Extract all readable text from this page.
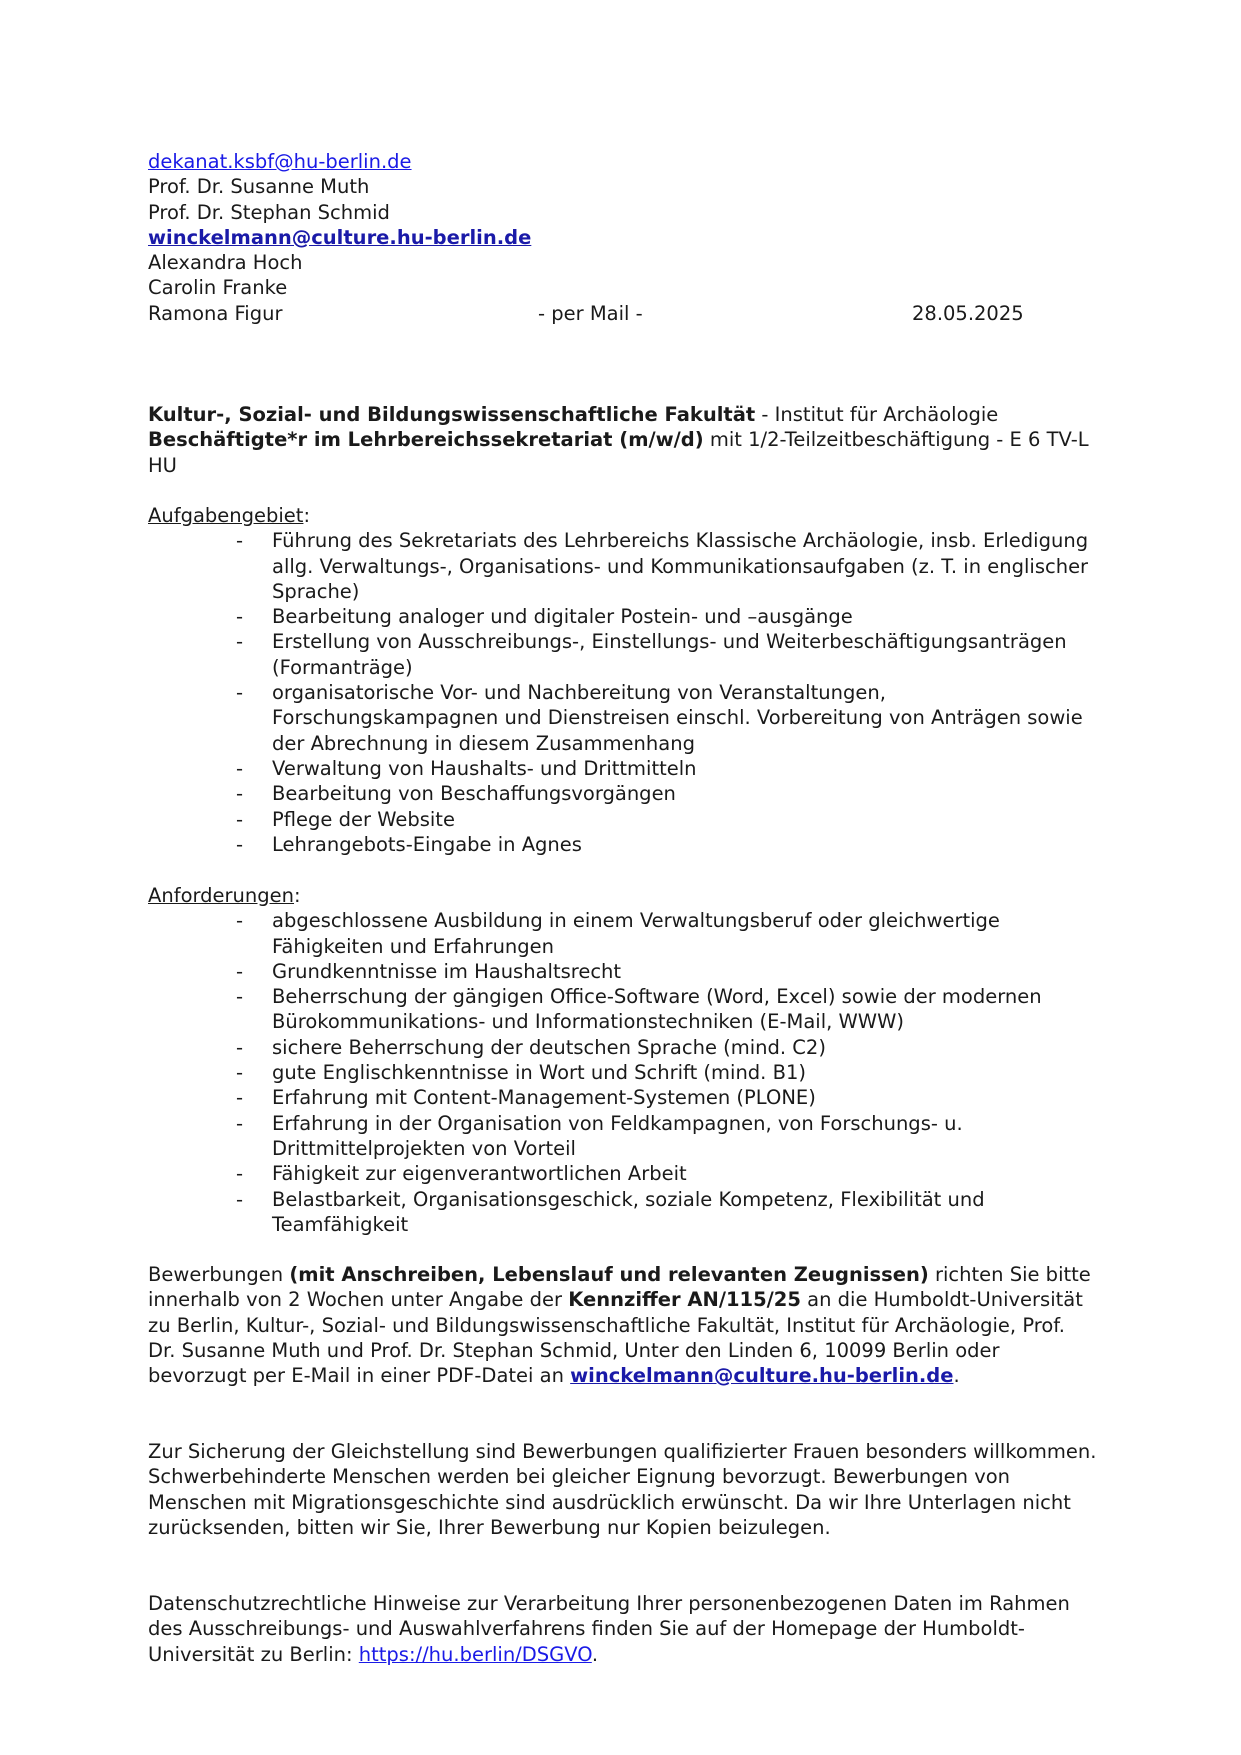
dekanat.ksbf@hu-berlin.de
Prof. Dr. Susanne Muth
Prof. Dr. Stephan Schmid
winckelmann@culture.hu-berlin.de
Alexandra Hoch
Carolin Franke
Ramona Figur	- per Mail -	28.05.2025
Kultur-, Sozial- und Bildungswissenschaftliche Fakultät - Institut für Archäologie
Beschäftigte*r im Lehrbereichssekretariat (m/w/d) mit 1/2-Teilzeitbeschäftigung - E 6 TV-L HU
Aufgabengebiet:
- Führung des Sekretariats des Lehrbereichs Klassische Archäologie, insb. Erledigung allg. Verwaltungs-, Organisations- und Kommunikationsaufgaben (z. T. in englischer Sprache)
- Bearbeitung analoger und digitaler Postein- und –ausgänge
- Erstellung von Ausschreibungs-, Einstellungs- und Weiterbeschäftigungsanträgen (Formanträge)
- organisatorische Vor- und Nachbereitung von Veranstaltungen, Forschungskampagnen und Dienstreisen einschl. Vorbereitung von Anträgen sowie der Abrechnung in diesem Zusammenhang
- Verwaltung von Haushalts- und Drittmitteln
- Bearbeitung von Beschaffungsvorgängen
- Pflege der Website
- Lehrangebots-Eingabe in Agnes
Anforderungen:
- abgeschlossene Ausbildung in einem Verwaltungsberuf oder gleichwertige Fähigkeiten und Erfahrungen
- Grundkenntnisse im Haushaltsrecht
- Beherrschung der gängigen Office-Software (Word, Excel) sowie der modernen Bürokommunikations- und Informationstechniken (E-Mail, WWW)
- sichere Beherrschung der deutschen Sprache (mind. C2)
- gute Englischkenntnisse in Wort und Schrift (mind. B1)
- Erfahrung mit Content-Management-Systemen (PLONE)
- Erfahrung in der Organisation von Feldkampagnen, von Forschungs- u. Drittmittelprojekten von Vorteil
- Fähigkeit zur eigenverantwortlichen Arbeit
- Belastbarkeit, Organisationsgeschick, soziale Kompetenz, Flexibilität und Teamfähigkeit
Bewerbungen (mit Anschreiben, Lebenslauf und relevanten Zeugnissen) richten Sie bitte innerhalb von 2 Wochen unter Angabe der Kennziffer AN/115/25 an die Humboldt-Universität zu Berlin, Kultur-, Sozial- und Bildungswissenschaftliche Fakultät, Institut für Archäologie, Prof. Dr. Susanne Muth und Prof. Dr. Stephan Schmid, Unter den Linden 6, 10099 Berlin oder bevorzugt per E-Mail in einer PDF-Datei an winckelmann@culture.hu-berlin.de.
Zur Sicherung der Gleichstellung sind Bewerbungen qualifizierter Frauen besonders willkommen. Schwerbehinderte Menschen werden bei gleicher Eignung bevorzugt. Bewerbungen von Menschen mit Migrationsgeschichte sind ausdrücklich erwünscht. Da wir Ihre Unterlagen nicht zurücksenden, bitten wir Sie, Ihrer Bewerbung nur Kopien beizulegen.
Datenschutzrechtliche Hinweise zur Verarbeitung Ihrer personenbezogenen Daten im Rahmen des Ausschreibungs- und Auswahlverfahrens finden Sie auf der Homepage der Humboldt-Universität zu Berlin: https://hu.berlin/DSGVO.
